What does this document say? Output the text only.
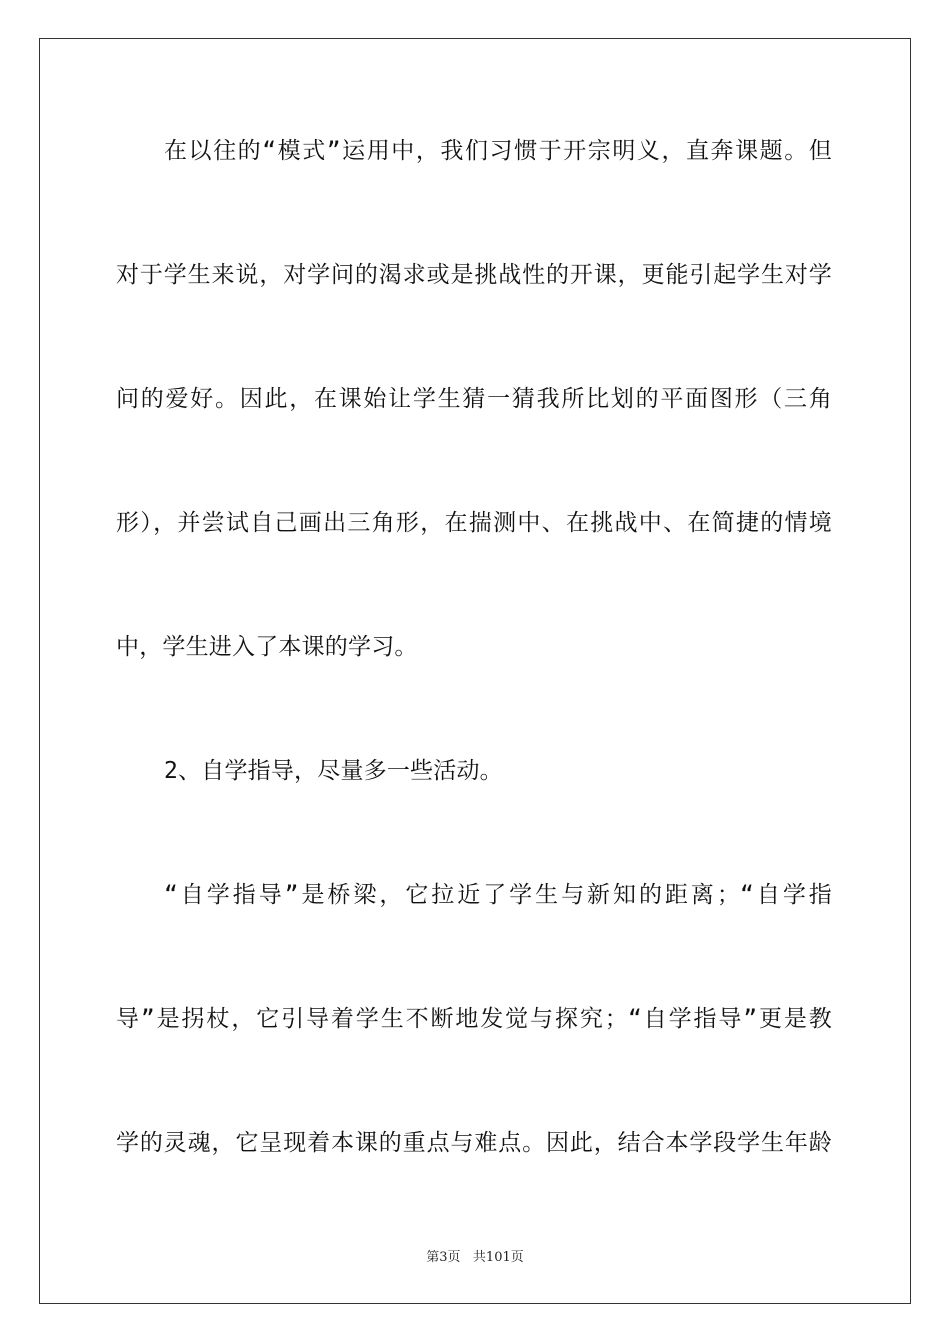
在以往的“模式”运用中，我们习惯于开宗明义，直奔课题。但
对于学生来说，对学问的渴求或是挑战性的开课，更能引起学生对学
问的爱好。因此，在课始让学生猜一猜我所比划的平面图形（三角
形），并尝试自己画出三角形，在揣测中、在挑战中、在简捷的情境
中，学生进入了本课的学习。
2、自学指导，尽量多一些活动。
“自学指导”是桥梁，它拉近了学生与新知的距离；“自学指
导”是拐杖，它引导着学生不断地发觉与探究；“自学指导”更是教
学的灵魂，它呈现着本课的重点与难点。因此，结合本学段学生年龄
第3页 共101页
